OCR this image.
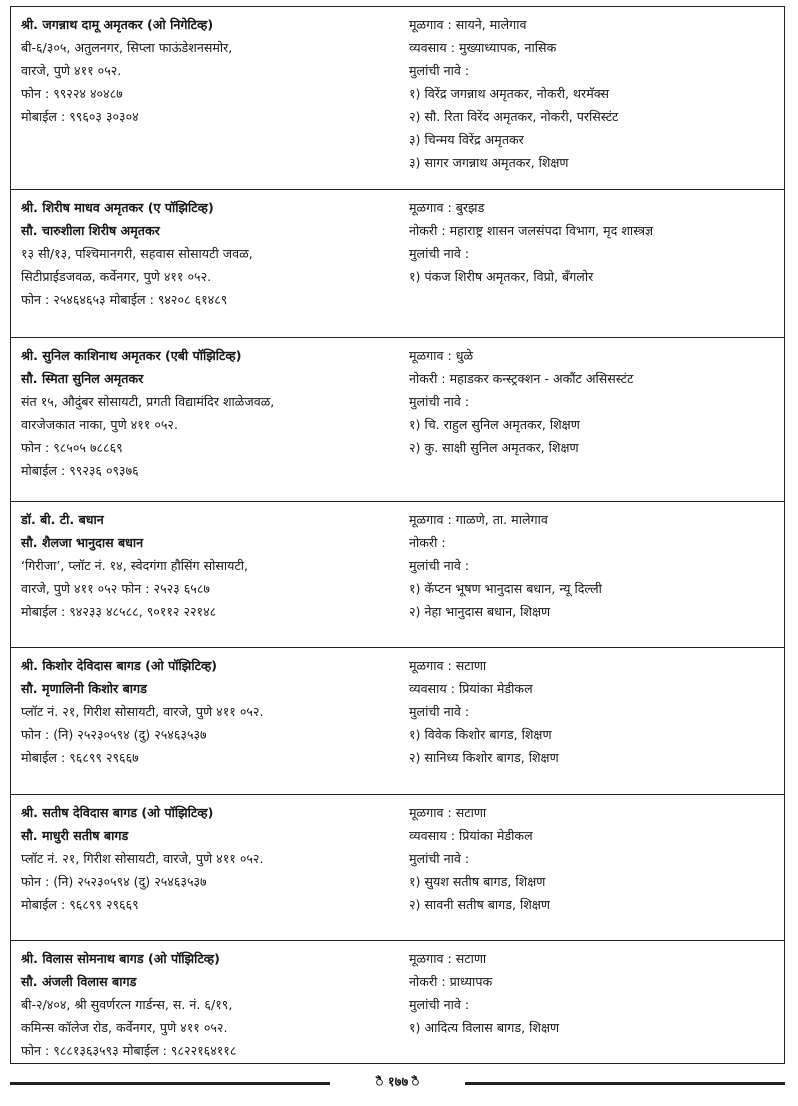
श्री. जगन्नाथ दामू अमृतकर (ओ निगेटिव्ह)
बी-६/३०५, अतुलनगर, सिप्ला फाऊंडेशनसमोर,
वारजे, पुणे ४११ ०५२.
फोन : ९९२२४ ४०४८७
मोबाईल : ९९६०३ ३०३०४
मूळगाव : सायने, मालेगाव
व्यवसाय : मुख्याध्यापक, नासिक
मुलांची नावे :
१) विरेंद्र जगन्नाथ अमृतकर, नोकरी, थरमॅक्स
२) सौ. रिता विरेंद अमृतकर, नोकरी, परसिस्टंट
३) चिन्मय विरेंद्र अमृतकर
३) सागर जगन्नाथ अमृतकर, शिक्षण
श्री. शिरीष माधव अमृतकर (ए पॉझिटिव्ह)
सौ. चारुशीला शिरीष अमृतकर
१३ सी/१३, पश्चिमानगरी, सहवास सोसायटी जवळ,
सिटीप्राईडजवळ, कर्वेनगर, पुणे ४११ ०५२.
फोन : २५४६४६५३ मोबाईल : ९४२०८ ६१४८९
मूळगाव : बुरझड
नोकरी : महाराष्ट्र शासन जलसंपदा विभाग, मृद शास्त्रज्ञ
मुलांची नावे :
१) पंकज शिरीष अमृतकर, विप्रो, बँगलोर
श्री. सुनिल काशिनाथ अमृतकर (एबी पॉझिटिव्ह)
सौ. स्मिता सुनिल अमृतकर
संत १५, औदुंबर सोसायटी, प्रगती विद्यामंदिर शाळेजवळ,
वारजेजकात नाका, पुणे ४११ ०५२.
फोन : ९८५०५ ७८८६९
मोबाईल : ९९२३६ ०९३७६
मूळगाव : धुळे
नोकरी : महाडकर कन्स्ट्रक्शन - अकौंट असिसस्टंट
मुलांची नावे :
१) चि. राहुल सुनिल अमृतकर, शिक्षण
२) कु. साक्षी सुनिल अमृतकर, शिक्षण
डॉ. बी. टी. बधान
सौ. शैलजा भानुदास बधान
‘गिरीजा’, प्लॉट नं. १४, स्वेदगंगा हौसिंग सोसायटी,
वारजे, पुणे ४११ ०५२ फोन : २५२३ ६५८७
मोबाईल : ९४२३३ ४८५८८, ९०११२ २२१४८
मूळगाव : गाळणे, ता. मालेगाव
नोकरी :
मुलांची नावे :
१) कॅप्टन भूषण भानुदास बधान, न्यू दिल्ली
२) नेहा भानुदास बधान, शिक्षण
श्री. किशोर देविदास बागड (ओ पॉझिटिव्ह)
सौ. मृणालिनी किशोर बागड
प्लॉट नं. २१, गिरीश सोसायटी, वारजे, पुणे ४११ ०५२.
फोन : (नि) २५२३०५९४ (दु) २५४६३५३७
मोबाईल : ९६८९९ २९६६७
मूळगाव : सटाणा
व्यवसाय : प्रियांका मेडीकल
मुलांची नावे :
१) विवेक किशोर बागड, शिक्षण
२) सानिध्य किशोर बागड, शिक्षण
श्री. सतीष देविदास बागड (ओ पॉझिटिव्ह)
सौ. माधुरी सतीष बागड
प्लॉट नं. २१, गिरीश सोसायटी, वारजे, पुणे ४११ ०५२.
फोन : (नि) २५२३०५९४ (दु) २५४६३५३७
मोबाईल : ९६८९९ २९६६९
मूळगाव : सटाणा
व्यवसाय : प्रियांका मेडीकल
मुलांची नावे :
१) सुयश सतीष बागड, शिक्षण
२) सावनी सतीष बागड, शिक्षण
श्री. विलास सोमनाथ बागड (ओ पॉझिटिव्ह)
सौ. अंजली विलास बागड
बी-२/४०४, श्री सुवर्णरत्न गार्डन्स, स. नं. ६/१९,
कमिन्स कॉलेज रोड, कर्वेनगर, पुणे ४११ ०५२.
फोन : ९८८१३६३५९३ मोबाईल : ९८२२१६४११८
मूळगाव : सटाणा
नोकरी : प्राध्यापक
मुलांची नावे :
१) आदित्य विलास बागड, शिक्षण
ꣿ १७७ ꣿ
